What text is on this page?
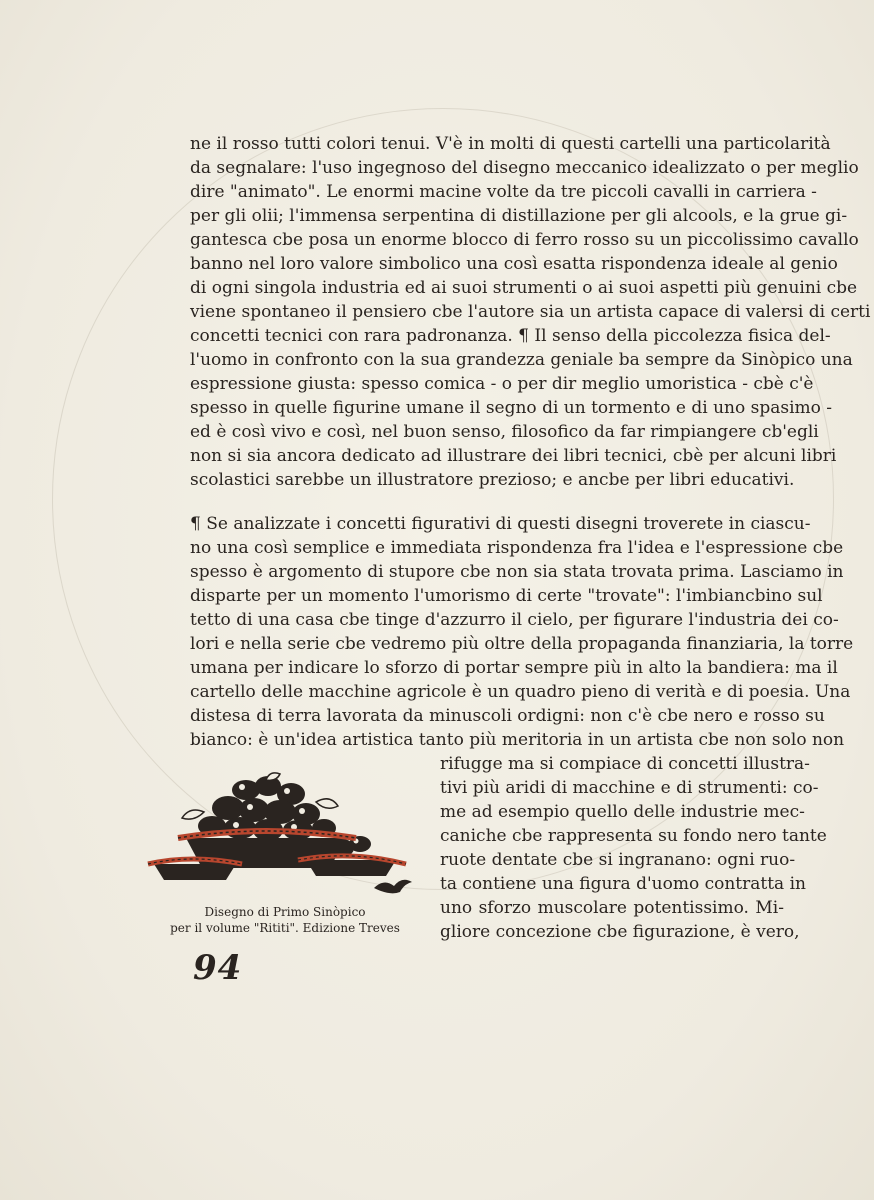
ne il rosso tutti colori tenui. V'è in molti di questi cartelli una particolarità
da segnalare: l'uso ingegnoso del disegno meccanico idealizzato o per meglio
dire "animato". Le enormi macine volte da tre piccoli cavalli in carriera -
per gli olii; l'immensa serpentina di distillazione per gli alcools, e la grue gi-
gantesca cbe posa un enorme blocco di ferro rosso su un piccolissimo cavallo
banno nel loro valore simbolico una così esatta rispondenza ideale al genio
di ogni singola industria ed ai suoi strumenti o ai suoi aspetti più genuini cbe
viene spontaneo il pensiero cbe l'autore sia un artista capace di valersi di certi
concetti tecnici con rara padronanza. ¶ Il senso della piccolezza fisica del-
l'uomo in confronto con la sua grandezza geniale ba sempre da Sinòpico una
espressione giusta: spesso comica - o per dir meglio umoristica - cbè c'è
spesso in quelle figurine umane il segno di un tormento e di uno spasimo -
ed è così vivo e così, nel buon senso, filosofico da far rimpiangere cb'egli
non si sia ancora dedicato ad illustrare dei libri tecnici, cbè per alcuni libri
scolastici sarebbe un illustratore prezioso; e ancbe per libri educativi.
¶ Se analizzate i concetti figurativi di questi disegni troverete in ciascu-
no una così semplice e immediata rispondenza fra l'idea e l'espressione cbe
spesso è argomento di stupore cbe non sia stata trovata prima. Lasciamo in
disparte per un momento l'umorismo di certe "trovate": l'imbiancbino sul
tetto di una casa cbe tinge d'azzurro il cielo, per figurare l'industria dei co-
lori e nella serie cbe vedremo più oltre della propaganda finanziaria, la torre
umana per indicare lo sforzo di portar sempre più in alto la bandiera: ma il
cartello delle macchine agricole è un quadro pieno di verità e di poesia. Una
distesa di terra lavorata da minuscoli ordigni: non c'è cbe nero e rosso su
bianco: è un'idea artistica tanto più meritoria in un artista cbe non solo non
rifugge ma si compiace di concetti illustra-
tivi più aridi di macchine e di strumenti: co-
me ad esempio quello delle industrie mec-
caniche cbe rappresenta su fondo nero tante
ruote dentate cbe si ingranano: ogni ruo-
ta contiene una figura d'uomo contratta in
uno sforzo muscolare potentissimo. Mi-
gliore concezione cbe figurazione, è vero,
Disegno di Primo Sinòpico
per il volume "Rititi". Edizione Treves
94
